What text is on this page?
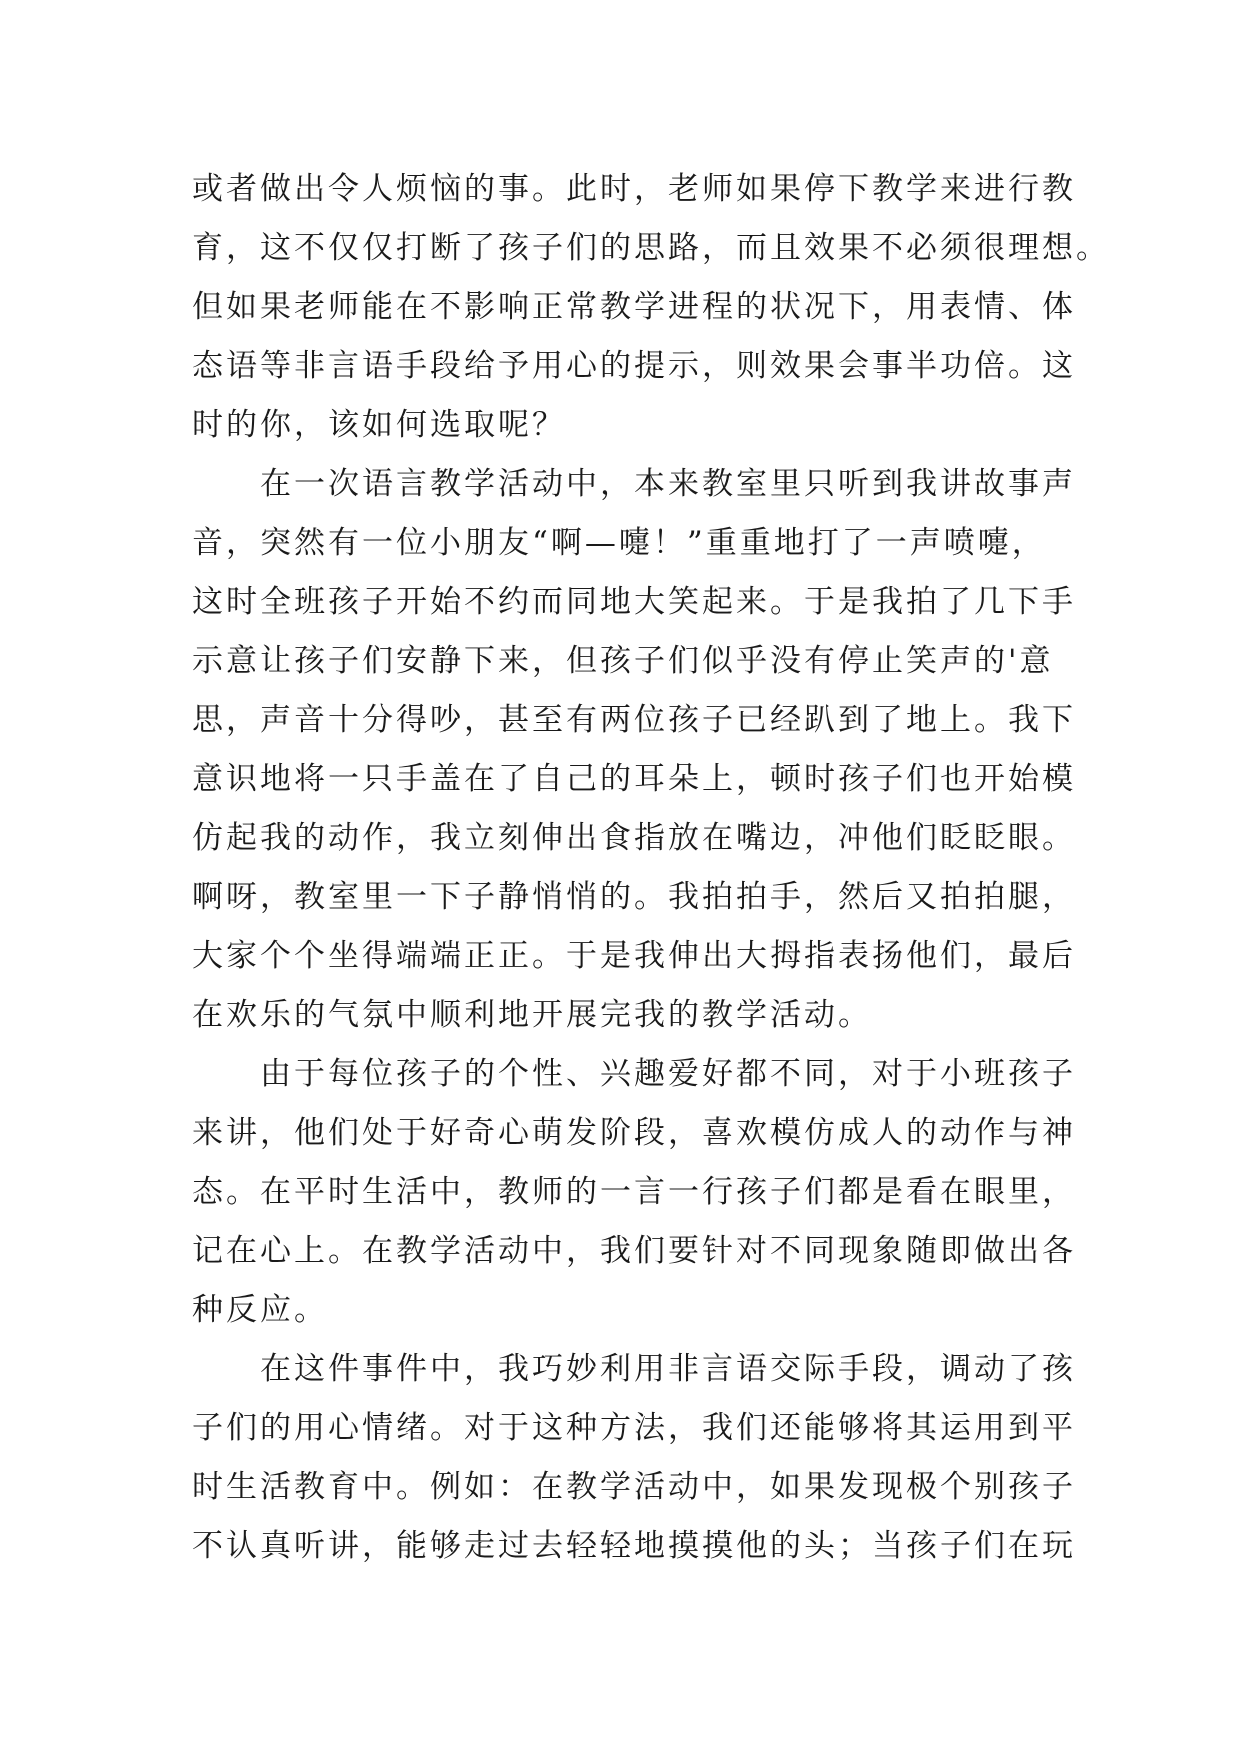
或者做出令人烦恼的事。此时，老师如果停下教学来进行教
育，这不仅仅打断了孩子们的思路，而且效果不必须很理想。
但如果老师能在不影响正常教学进程的状况下，用表情、体
态语等非言语手段给予用心的提示，则效果会事半功倍。这
时的你，该如何选取呢？
　　在一次语言教学活动中，本来教室里只听到我讲故事声
音，突然有一位小朋友“啊—嚏！”重重地打了一声喷嚏，
这时全班孩子开始不约而同地大笑起来。于是我拍了几下手
示意让孩子们安静下来，但孩子们似乎没有停止笑声的'意
思，声音十分得吵，甚至有两位孩子已经趴到了地上。我下
意识地将一只手盖在了自己的耳朵上，顿时孩子们也开始模
仿起我的动作，我立刻伸出食指放在嘴边，冲他们眨眨眼。
啊呀，教室里一下子静悄悄的。我拍拍手，然后又拍拍腿，
大家个个坐得端端正正。于是我伸出大拇指表扬他们，最后
在欢乐的气氛中顺利地开展完我的教学活动。
　　由于每位孩子的个性、兴趣爱好都不同，对于小班孩子
来讲，他们处于好奇心萌发阶段，喜欢模仿成人的动作与神
态。在平时生活中，教师的一言一行孩子们都是看在眼里，
记在心上。在教学活动中，我们要针对不同现象随即做出各
种反应。
　　在这件事件中，我巧妙利用非言语交际手段，调动了孩
子们的用心情绪。对于这种方法，我们还能够将其运用到平
时生活教育中。例如：在教学活动中，如果发现极个别孩子
不认真听讲，能够走过去轻轻地摸摸他的头；当孩子们在玩
